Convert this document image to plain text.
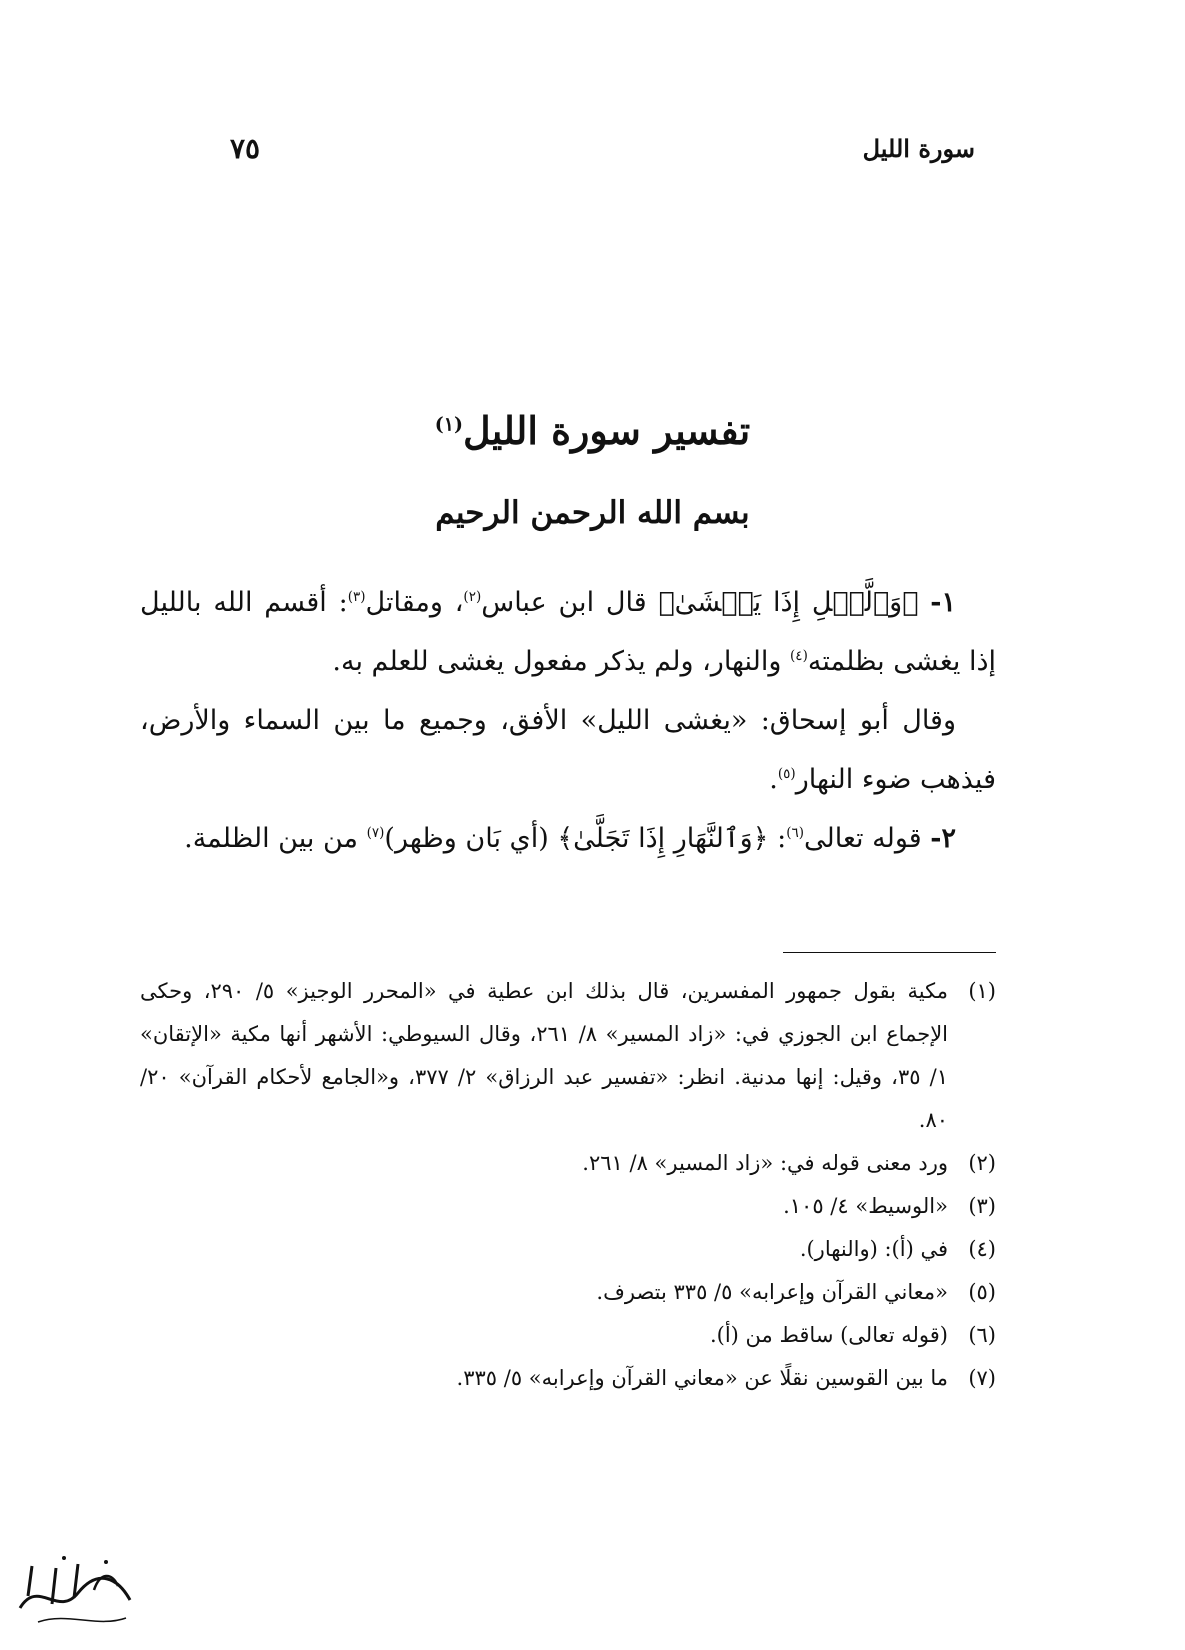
سورة الليل
٧٥
تفسير سورة الليل$^{(١)}$
بسم الله الرحمن الرحيم

١- ﴿وَٱلَّيۡلِ إِذَا يَغۡشَىٰ﴾ قال ابن عباس$^{(٢)}$، ومقاتل$^{(٣)}$: أقسم الله بالليل إذا يغشى بظلمته$^{(٤)}$ والنهار، ولم يذكر مفعول يغشى للعلم به.

وقال أبو إسحاق: «يغشى الليل» الأفق، وجميع ما بين السماء والأرض، فيذهب ضوء النهار$^{(٥)}$.

٢- قوله تعالى$^{(٦)}$: ﴿وَٱلنَّهَارِ إِذَا تَجَلَّىٰ﴾ (أي بَان وظهر)$^{(٧)}$ من بين الظلمة.

(١)
مكية بقول جمهور المفسرين، قال بذلك ابن عطية في «المحرر الوجيز» ٥/ ٢٩٠، وحكى الإجماع ابن الجوزي في: «زاد المسير» ٨/ ٢٦١، وقال السيوطي: الأشهر أنها مكية «الإتقان» ١/ ٣٥، وقيل: إنها مدنية. انظر: «تفسير عبد الرزاق» ٢/ ٣٧٧، و«الجامع لأحكام القرآن» ٢٠/ ٨٠.
(٢)
ورد معنى قوله في: «زاد المسير» ٨/ ٢٦١.
(٣)
«الوسيط» ٤/ ١٠٥.
(٤)
في (أ): (والنهار).
(٥)
«معاني القرآن وإعرابه» ٥/ ٣٣٥ بتصرف.
(٦)
(قوله تعالى) ساقط من (أ).
(٧)
ما بين القوسين نقلًا عن «معاني القرآن وإعرابه» ٥/ ٣٣٥.
